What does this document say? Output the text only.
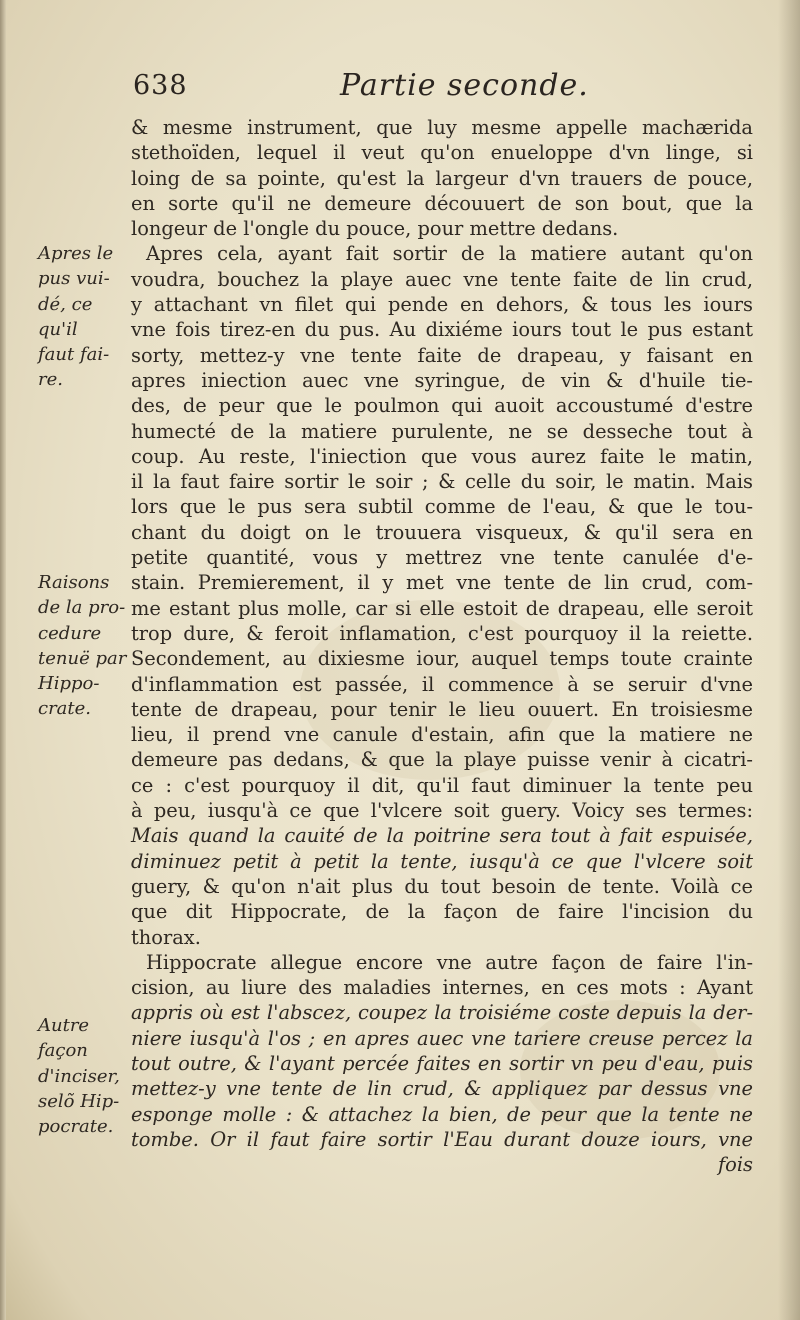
638	Partie seconde.
& mesme instrument, que luy mesme appelle machærida
stethoïden, lequel il veut qu'on enueloppe d'vn linge, si
loing de sa pointe, qu'est la largeur d'vn trauers de pouce,
en sorte qu'il ne demeure découuert de son bout, que la
longeur de l'ongle du pouce, pour mettre dedans.
Apres cela, ayant fait sortir de la matiere autant qu'on
voudra, bouchez la playe auec vne tente faite de lin crud,
y attachant vn filet qui pende en dehors, & tous les iours
vne fois tirez-en du pus. Au dixiéme iours tout le pus estant
sorty, mettez-y vne tente faite de drapeau, y faisant en
apres iniection auec vne syringue, de vin & d'huile tie-
des, de peur que le poulmon qui auoit accoustumé d'estre
humecté de la matiere purulente, ne se desseche tout à
coup. Au reste, l'iniection que vous aurez faite le matin,
il la faut faire sortir le soir ; & celle du soir, le matin. Mais
lors que le pus sera subtil comme de l'eau, & que le tou-
chant du doigt on le trouuera visqueux, & qu'il sera en
petite quantité, vous y mettrez vne tente canulée d'e-
stain. Premierement, il y met vne tente de lin crud, com-
me estant plus molle, car si elle estoit de drapeau, elle seroit
trop dure, & feroit inflamation, c'est pourquoy il la reiette.
Secondement, au dixiesme iour, auquel temps toute crainte
d'inflammation est passée, il commence à se seruir d'vne
tente de drapeau, pour tenir le lieu ouuert. En troisiesme
lieu, il prend vne canule d'estain, afin que la matiere ne
demeure pas dedans, & que la playe puisse venir à cicatri-
ce : c'est pourquoy il dit, qu'il faut diminuer la tente peu
à peu, iusqu'à ce que l'vlcere soit guery. Voicy ses termes:
Mais quand la cauité de la poitrine sera tout à fait espuisée,
diminuez petit à petit la tente, iusqu'à ce que l'vlcere soit
guery, & qu'on n'ait plus du tout besoin de tente. Voilà ce
que dit Hippocrate, de la façon de faire l'incision du
thorax.
Hippocrate allegue encore vne autre façon de faire l'in-
cision, au liure des maladies internes, en ces mots : Ayant
appris où est l'abscez, coupez la troisiéme coste depuis la der-
niere iusqu'à l'os ; en apres auec vne tariere creuse percez la
tout outre, & l'ayant percée faites en sortir vn peu d'eau, puis
mettez-y vne tente de lin crud, & appliquez par dessus vne
esponge molle : & attachez la bien, de peur que la tente ne
tombe. Or il faut faire sortir l'Eau durant douze iours, vne
fois
Apres le
pus vui-
dé, ce
qu'il
faut fai-
re.
Raisons
de la pro-
cedure
tenuë par
Hippo-
crate.
Autre
façon
d'inciser,
selõ Hip-
pocrate.
